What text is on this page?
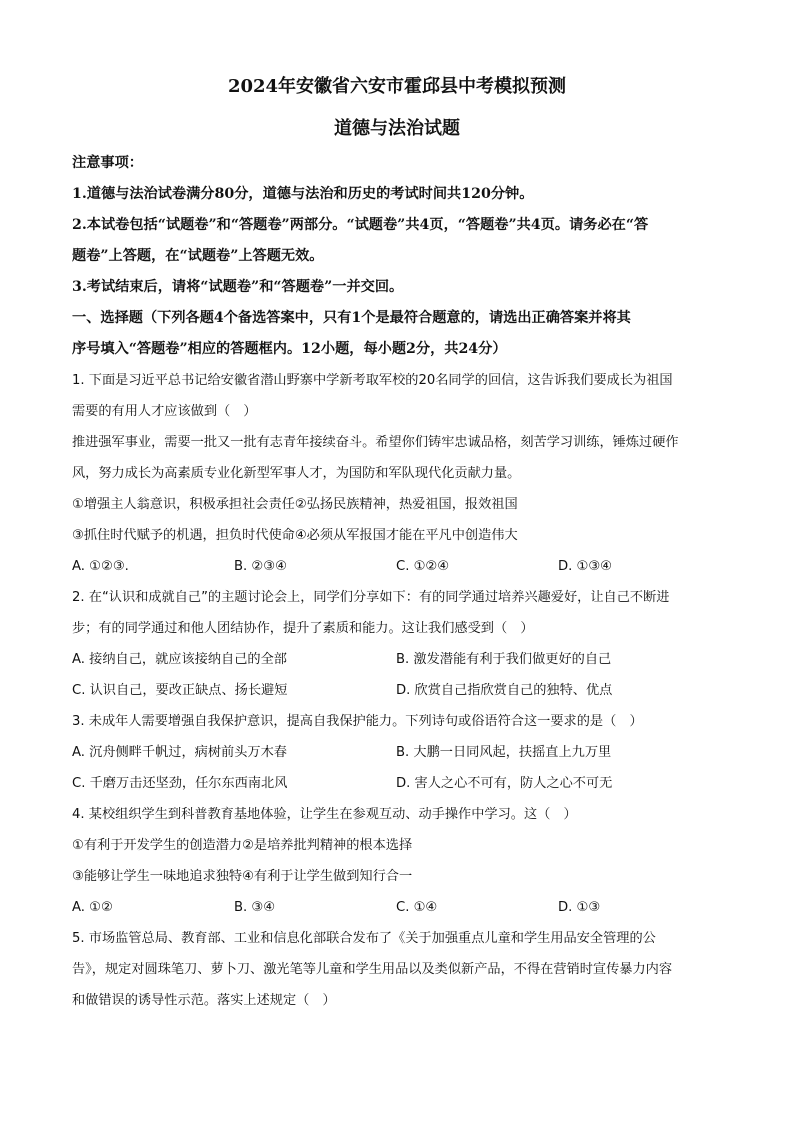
2024年安徽省六安市霍邱县中考模拟预测
道德与法治试题
注意事项：
1.道德与法治试卷满分80分，道德与法治和历史的考试时间共120分钟。
2.本试卷包括“试题卷”和“答题卷”两部分。“试题卷”共4页，“答题卷”共4页。请务必在“答
题卷”上答题，在“试题卷”上答题无效。
3.考试结束后，请将“试题卷”和“答题卷”一并交回。
一、选择题（下列各题4个备选答案中，只有1个是最符合题意的，请选出正确答案并将其
序号填入“答题卷”相应的答题框内。12小题，每小题2分，共24分）
1. 下面是习近平总书记给安徽省潜山野寨中学新考取军校的20名同学的回信，这告诉我们要成长为祖国
需要的有用人才应该做到（　）
推进强军事业，需要一批又一批有志青年接续奋斗。希望你们铸牢忠诚品格，刻苦学习训练，锤炼过硬作
风，努力成长为高素质专业化新型军事人才，为国防和军队现代化贡献力量。
①增强主人翁意识，积极承担社会责任②弘扬民族精神，热爱祖国，报效祖国
③抓住时代赋予的机遇，担负时代使命④必须从军报国才能在平凡中创造伟大
A. ①②③.	B. ②③④	C. ①②④	D. ①③④
2. 在“认识和成就自己”的主题讨论会上，同学们分享如下：有的同学通过培养兴趣爱好，让自己不断进
步；有的同学通过和他人团结协作，提升了素质和能力。这让我们感受到（　）
A. 接纳自己，就应该接纳自己的全部	B. 激发潜能有利于我们做更好的自己
C. 认识自己，要改正缺点、扬长避短	D. 欣赏自己指欣赏自己的独特、优点
3. 未成年人需要增强自我保护意识，提高自我保护能力。下列诗句或俗语符合这一要求的是（　）
A. 沉舟侧畔千帆过，病树前头万木春	B. 大鹏一日同风起，扶摇直上九万里
C. 千磨万击还坚劲，任尔东西南北风	D. 害人之心不可有，防人之心不可无
4. 某校组织学生到科普教育基地体验，让学生在参观互动、动手操作中学习。这（　）
①有利于开发学生的创造潜力②是培养批判精神的根本选择
③能够让学生一味地追求独特④有利于让学生做到知行合一
A. ①②	B. ③④	C. ①④	D. ①③
5. 市场监管总局、教育部、工业和信息化部联合发布了《关于加强重点儿童和学生用品安全管理的公
告》，规定对圆珠笔刀、萝卜刀、激光笔等儿童和学生用品以及类似新产品，不得在营销时宣传暴力内容
和做错误的诱导性示范。落实上述规定（　）
